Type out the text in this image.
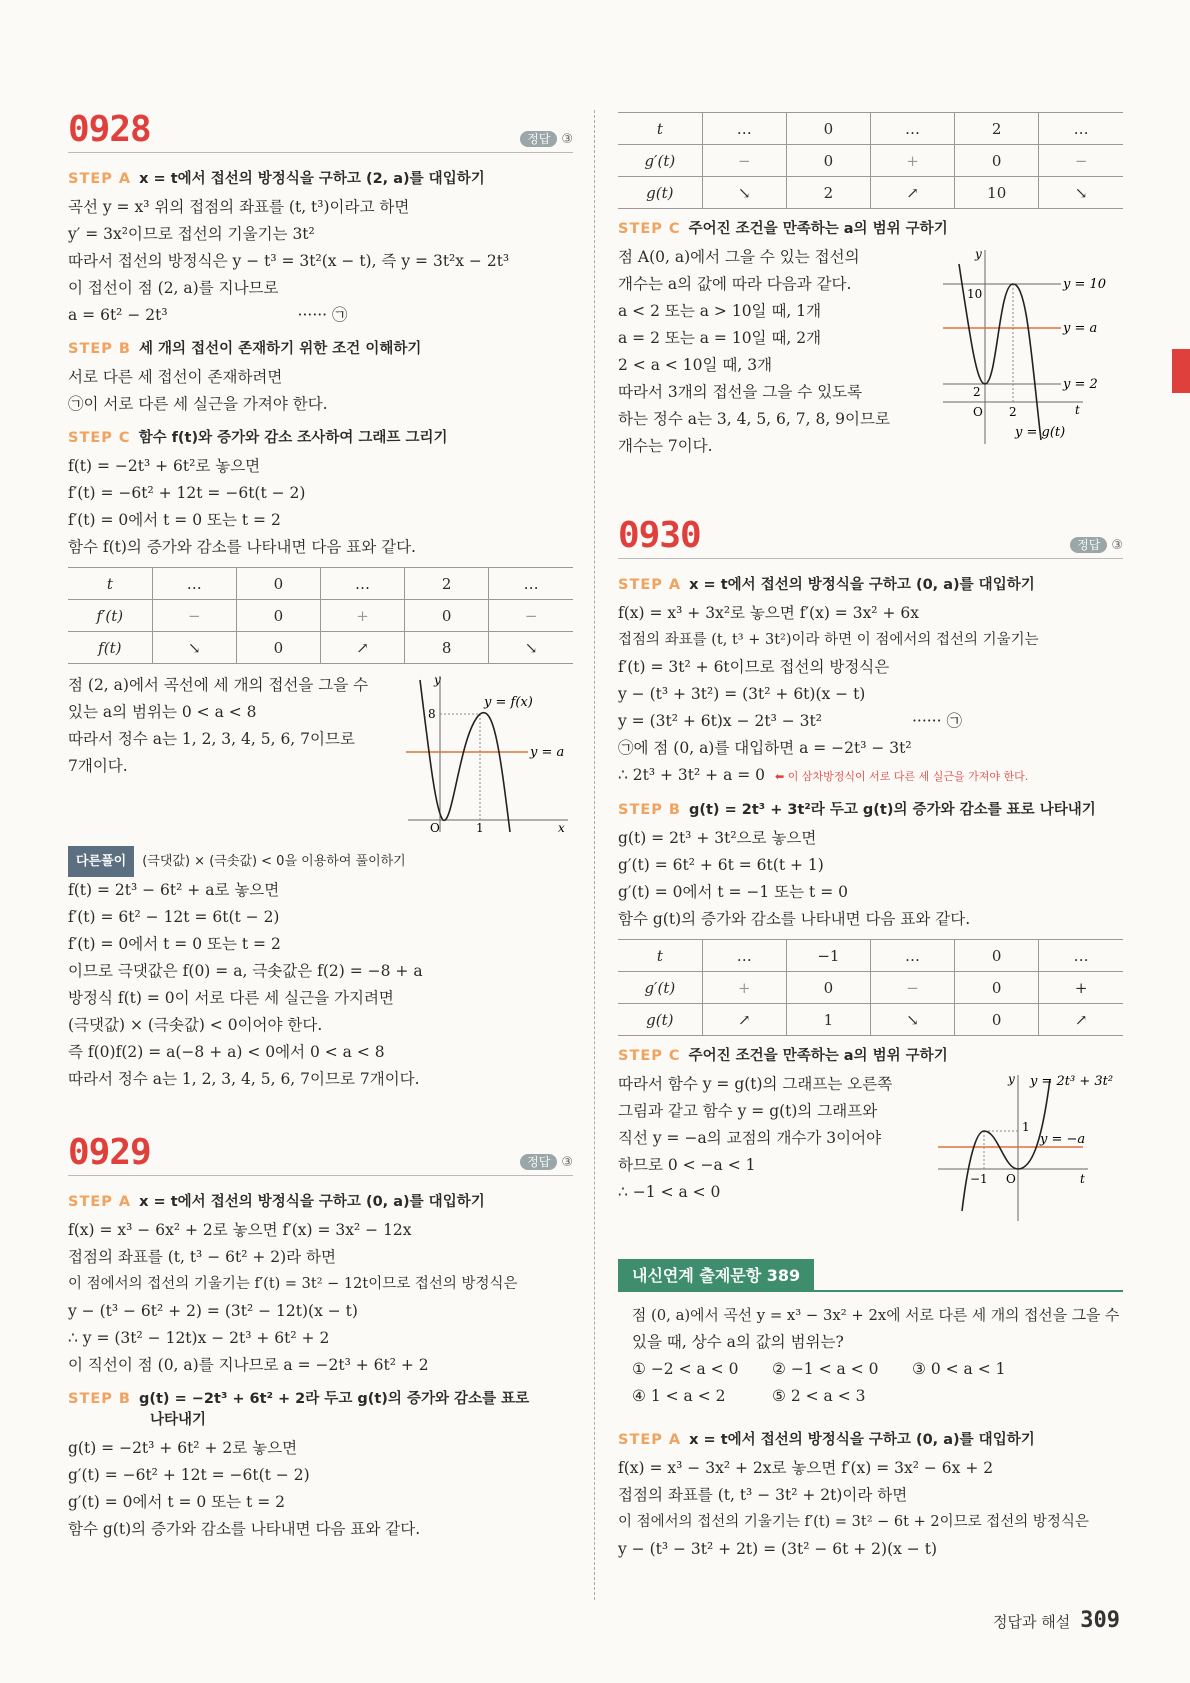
0928	정답 ③
STEP A x = t에서 접선의 방정식을 구하고 (2, a)를 대입하기
곡선 y = x³ 위의 접점의 좌표를 (t, t³)이라고 하면
y′ = 3x²이므로 접선의 기울기는 3t²
따라서 접선의 방정식은 y − t³ = 3t²(x − t), 즉 y = 3t²x − 2t³
이 접선이 점 (2, a)를 지나므로
a = 6t² − 2t³	······ ㉠
STEP B 세 개의 접선이 존재하기 위한 조건 이해하기
서로 다른 세 접선이 존재하려면
㉠이 서로 다른 세 실근을 가져야 한다.
STEP C 함수 f(t)와 증가와 감소 조사하여 그래프 그리기
f(t) = −2t³ + 6t²로 놓으면
f′(t) = −6t² + 12t = −6t(t − 2)
f′(t) = 0에서 t = 0 또는 t = 2
함수 f(t)의 증가와 감소를 나타내면 다음 표와 같다.
t	…	0	…	2	…
f′(t)	−	0	+	0	−
f(t)	↘	0	↗	8	↘
점 (2, a)에서 곡선에 세 개의 접선을 그을 수
있는 a의 범위는 0 < a < 8
따라서 정수 a는 1, 2, 3, 4, 5, 6, 7이므로
7개이다.
y
x
y = f(x)
y = a
8
O	1
다른풀이 (극댓값) × (극솟값) < 0을 이용하여 풀이하기
f(t) = 2t³ − 6t² + a로 놓으면
f′(t) = 6t² − 12t = 6t(t − 2)
f′(t) = 0에서 t = 0 또는 t = 2
이므로 극댓값은 f(0) = a, 극솟값은 f(2) = −8 + a
방정식 f(t) = 0이 서로 다른 세 실근을 가지려면
(극댓값) × (극솟값) < 0이어야 한다.
즉 f(0)f(2) = a(−8 + a) < 0에서 0 < a < 8
따라서 정수 a는 1, 2, 3, 4, 5, 6, 7이므로 7개이다.
0929	정답 ③
STEP A x = t에서 접선의 방정식을 구하고 (0, a)를 대입하기
f(x) = x³ − 6x² + 2로 놓으면 f′(x) = 3x² − 12x
접점의 좌표를 (t, t³ − 6t² + 2)라 하면
이 점에서의 접선의 기울기는 f′(t) = 3t² − 12t이므로 접선의 방정식은
y − (t³ − 6t² + 2) = (3t² − 12t)(x − t)
∴ y = (3t² − 12t)x − 2t³ + 6t² + 2
이 직선이 점 (0, a)를 지나므로 a = −2t³ + 6t² + 2
STEP B g(t) = −2t³ + 6t² + 2라 두고 g(t)의 증가와 감소를 표로
나타내기
g(t) = −2t³ + 6t² + 2로 놓으면
g′(t) = −6t² + 12t = −6t(t − 2)
g′(t) = 0에서 t = 0 또는 t = 2
함수 g(t)의 증가와 감소를 나타내면 다음 표와 같다.
t	…	0	…	2	…
g′(t)	−	0	+	0	−
g(t)	↘	2	↗	10	↘
STEP C 주어진 조건을 만족하는 a의 범위 구하기
점 A(0, a)에서 그을 수 있는 접선의
개수는 a의 값에 따라 다음과 같다.
a < 2 또는 a > 10일 때, 1개
a = 2 또는 a = 10일 때, 2개
2 < a < 10일 때, 3개
따라서 3개의 접선을 그을 수 있도록
하는 정수 a는 3, 4, 5, 6, 7, 8, 9이므로
개수는 7이다.
y
t
y = 10
y = a
y = 2
y = g(t)
10
2
O 2
0930	정답 ③
STEP A x = t에서 접선의 방정식을 구하고 (0, a)를 대입하기
f(x) = x³ + 3x²로 놓으면 f′(x) = 3x² + 6x
접점의 좌표를 (t, t³ + 3t²)이라 하면 이 점에서의 접선의 기울기는
f′(t) = 3t² + 6t이므로 접선의 방정식은
y − (t³ + 3t²) = (3t² + 6t)(x − t)
y = (3t² + 6t)x − 2t³ − 3t²	······ ㉠
㉠에 점 (0, a)를 대입하면 a = −2t³ − 3t²
∴ 2t³ + 3t² + a = 0 ⬅ 이 삼차방정식이 서로 다른 세 실근을 가져야 한다.
STEP B g(t) = 2t³ + 3t²라 두고 g(t)의 증가와 감소를 표로 나타내기
g(t) = 2t³ + 3t²으로 놓으면
g′(t) = 6t² + 6t = 6t(t + 1)
g′(t) = 0에서 t = −1 또는 t = 0
함수 g(t)의 증가와 감소를 나타내면 다음 표와 같다.
t	…	−1	…	0	…
g′(t)	+	0	−	0	+
g(t)	↗	1	↘	0	↗
STEP C 주어진 조건을 만족하는 a의 범위 구하기
따라서 함수 y = g(t)의 그래프는 오른쪽
그림과 같고 함수 y = g(t)의 그래프와
직선 y = −a의 교점의 개수가 3이어야
하므로 0 < −a < 1
∴ −1 < a < 0
y
t
y = 2t³ + 3t²
y = −a
1
−1 O
내신연계 출제문항 389
점 (0, a)에서 곡선 y = x³ − 3x² + 2x에 서로 다른 세 개의 접선을 그을 수
있을 때, 상수 a의 값의 범위는?
① −2 < a < 0 ② −1 < a < 0 ③ 0 < a < 1
④ 1 < a < 2	⑤ 2 < a < 3
STEP A x = t에서 접선의 방정식을 구하고 (0, a)를 대입하기
f(x) = x³ − 3x² + 2x로 놓으면 f′(x) = 3x² − 6x + 2
접점의 좌표를 (t, t³ − 3t² + 2t)이라 하면
이 점에서의 접선의 기울기는 f′(t) = 3t² − 6t + 2이므로 접선의 방정식은
y − (t³ − 3t² + 2t) = (3t² − 6t + 2)(x − t)
정답과 해설 309
